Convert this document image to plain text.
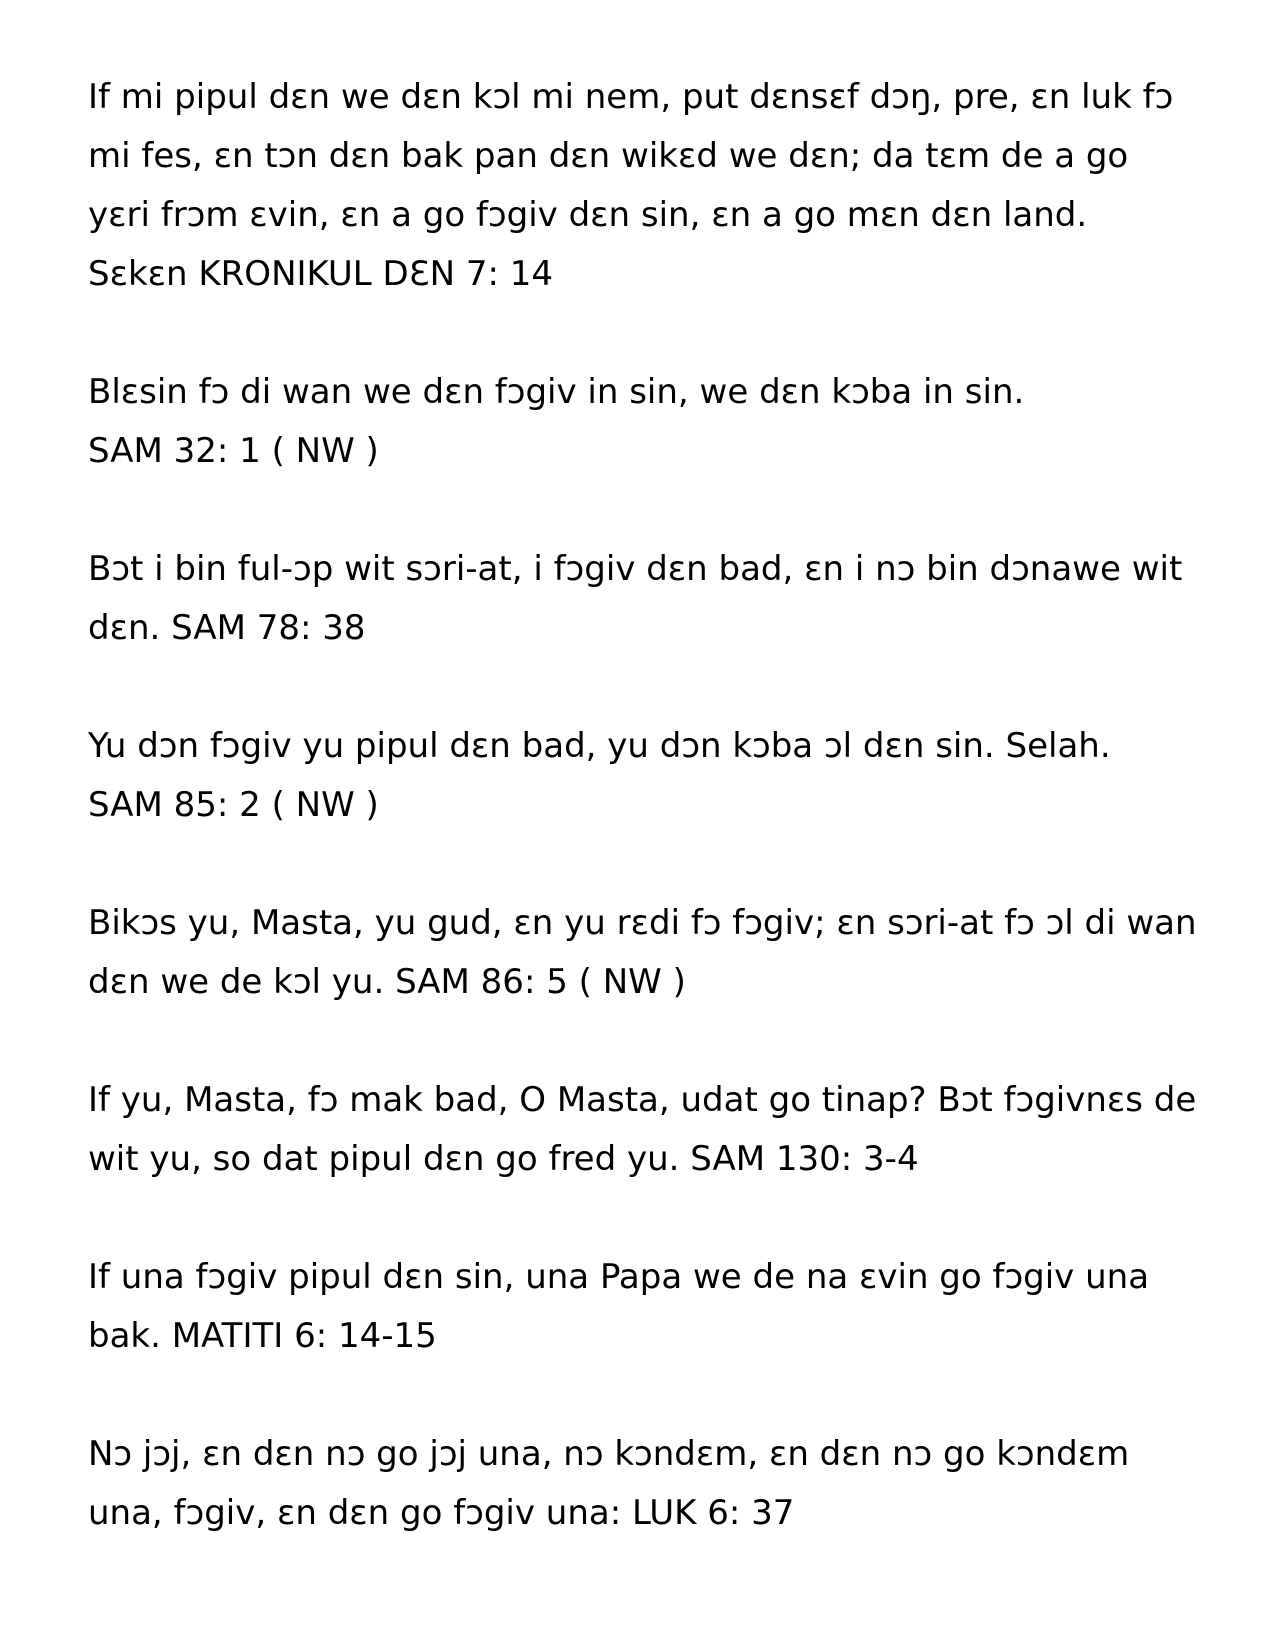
If mi pipul dɛn we dɛn kɔl mi nem, put dɛnsɛf dɔŋ, pre, ɛn luk fɔ
mi fes, ɛn tɔn dɛn bak pan dɛn wikɛd we dɛn; da tɛm de a go
yɛri frɔm ɛvin, ɛn a go fɔgiv dɛn sin, ɛn a go mɛn dɛn land.
Sɛkɛn KRONIKUL DƐN 7: 14
Blɛsin fɔ di wan we dɛn fɔgiv in sin, we dɛn kɔba in sin.
SAM 32: 1 ( NW )
Bɔt i bin ful-ɔp wit sɔri-at, i fɔgiv dɛn bad, ɛn i nɔ bin dɔnawe wit
dɛn. SAM 78: 38
Yu dɔn fɔgiv yu pipul dɛn bad, yu dɔn kɔba ɔl dɛn sin. Selah.
SAM 85: 2 ( NW )
Bikɔs yu, Masta, yu gud, ɛn yu rɛdi fɔ fɔgiv; ɛn sɔri-at fɔ ɔl di wan
dɛn we de kɔl yu. SAM 86: 5 ( NW )
If yu, Masta, fɔ mak bad, O Masta, udat go tinap? Bɔt fɔgivnɛs de
wit yu, so dat pipul dɛn go fred yu. SAM 130: 3-4
If una fɔgiv pipul dɛn sin, una Papa we de na ɛvin go fɔgiv una
bak. MATITI 6: 14-15
Nɔ jɔj, ɛn dɛn nɔ go jɔj una, nɔ kɔndɛm, ɛn dɛn nɔ go kɔndɛm
una, fɔgiv, ɛn dɛn go fɔgiv una: LUK 6: 37
